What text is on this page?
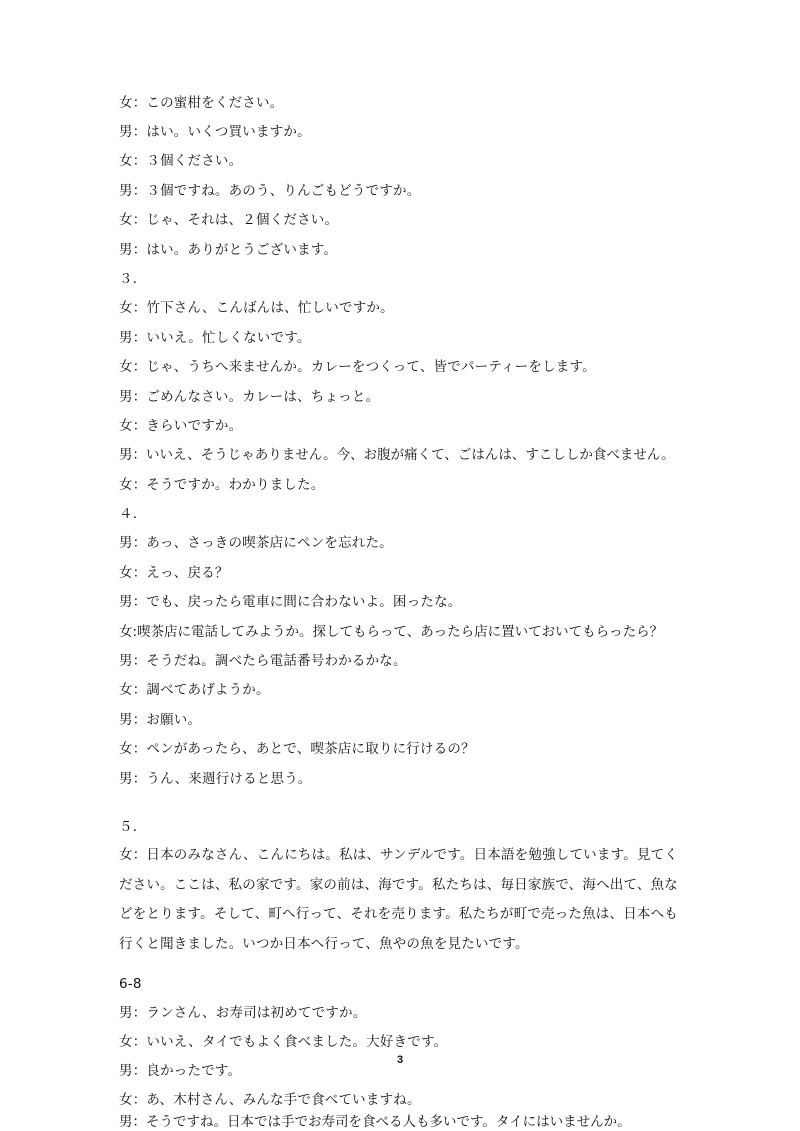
女：この蜜柑をください。
男：はい。いくつ買いますか。
女：３個ください。
男：３個ですね。あのう、りんごもどうですか。
女：じゃ、それは、２個ください。
男：はい。ありがとうございます。
３．
女：竹下さん、こんばんは、忙しいですか。
男：いいえ。忙しくないです。
女：じゃ、うちへ来ませんか。カレーをつくって、皆でパーティーをします。
男：ごめんなさい。カレーは、ちょっと。
女：きらいですか。
男：いいえ、そうじゃありません。今、お腹が痛くて、ごはんは、すこししか食べません。
女：そうですか。わかりました。
４．
男：あっ、さっきの喫茶店にペンを忘れた。
女：えっ、戻る？
男：でも、戻ったら電車に間に合わないよ。困ったな。
女:喫茶店に電話してみようか。探してもらって、あったら店に置いておいてもらったら？
男：そうだね。調べたら電話番号わかるかな。
女：調べてあげようか。
男：お願い。
女：ペンがあったら、あとで、喫茶店に取りに行けるの？
男：うん、来週行けると思う。
５．
女：日本のみなさん、こんにちは。私は、サンデルです。日本語を勉強しています。見てください。ここは、私の家です。家の前は、海です。私たちは、毎日家族で、海へ出て、魚などをとります。そして、町へ行って、それを売ります。私たちが町で売った魚は、日本へも行くと聞きました。いつか日本へ行って、魚やの魚を見たいです。
6-8
男：ランさん、お寿司は初めてですか。
女：いいえ、タイでもよく食べました。大好きです。
男：良かったです。
女：あ、木村さん、みんな手で食べていますね。
男：そうですね。日本では手でお寿司を食べる人も多いです。タイにはいませんか。
3
